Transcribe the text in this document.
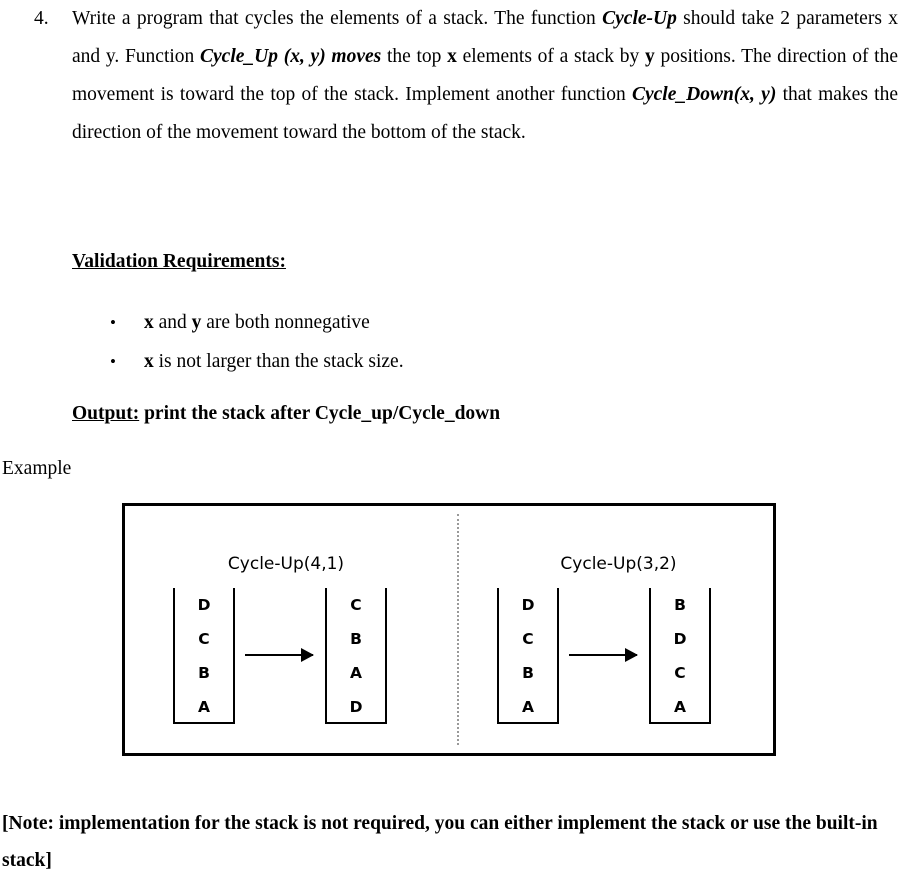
4.	Write a program that cycles the elements of a stack. The function Cycle-Up should take 2 parameters x and y. Function Cycle_Up (x, y) moves the top x elements of a stack by y positions. The direction of the movement is toward the top of the stack. Implement another function Cycle_Down(x, y) that makes the direction of the movement toward the bottom of the stack.
Validation Requirements:
• x and y are both nonnegative
• x is not larger than the stack size.
Output: print the stack after Cycle_up/Cycle_down
Example
Cycle-Up(4,1)
D
C
B
A
C
B
A
D
Cycle-Up(3,2)
D
C
B
A
B
D
C
A
[Note: implementation for the stack is not required, you can either implement the stack or use the built-in stack]
